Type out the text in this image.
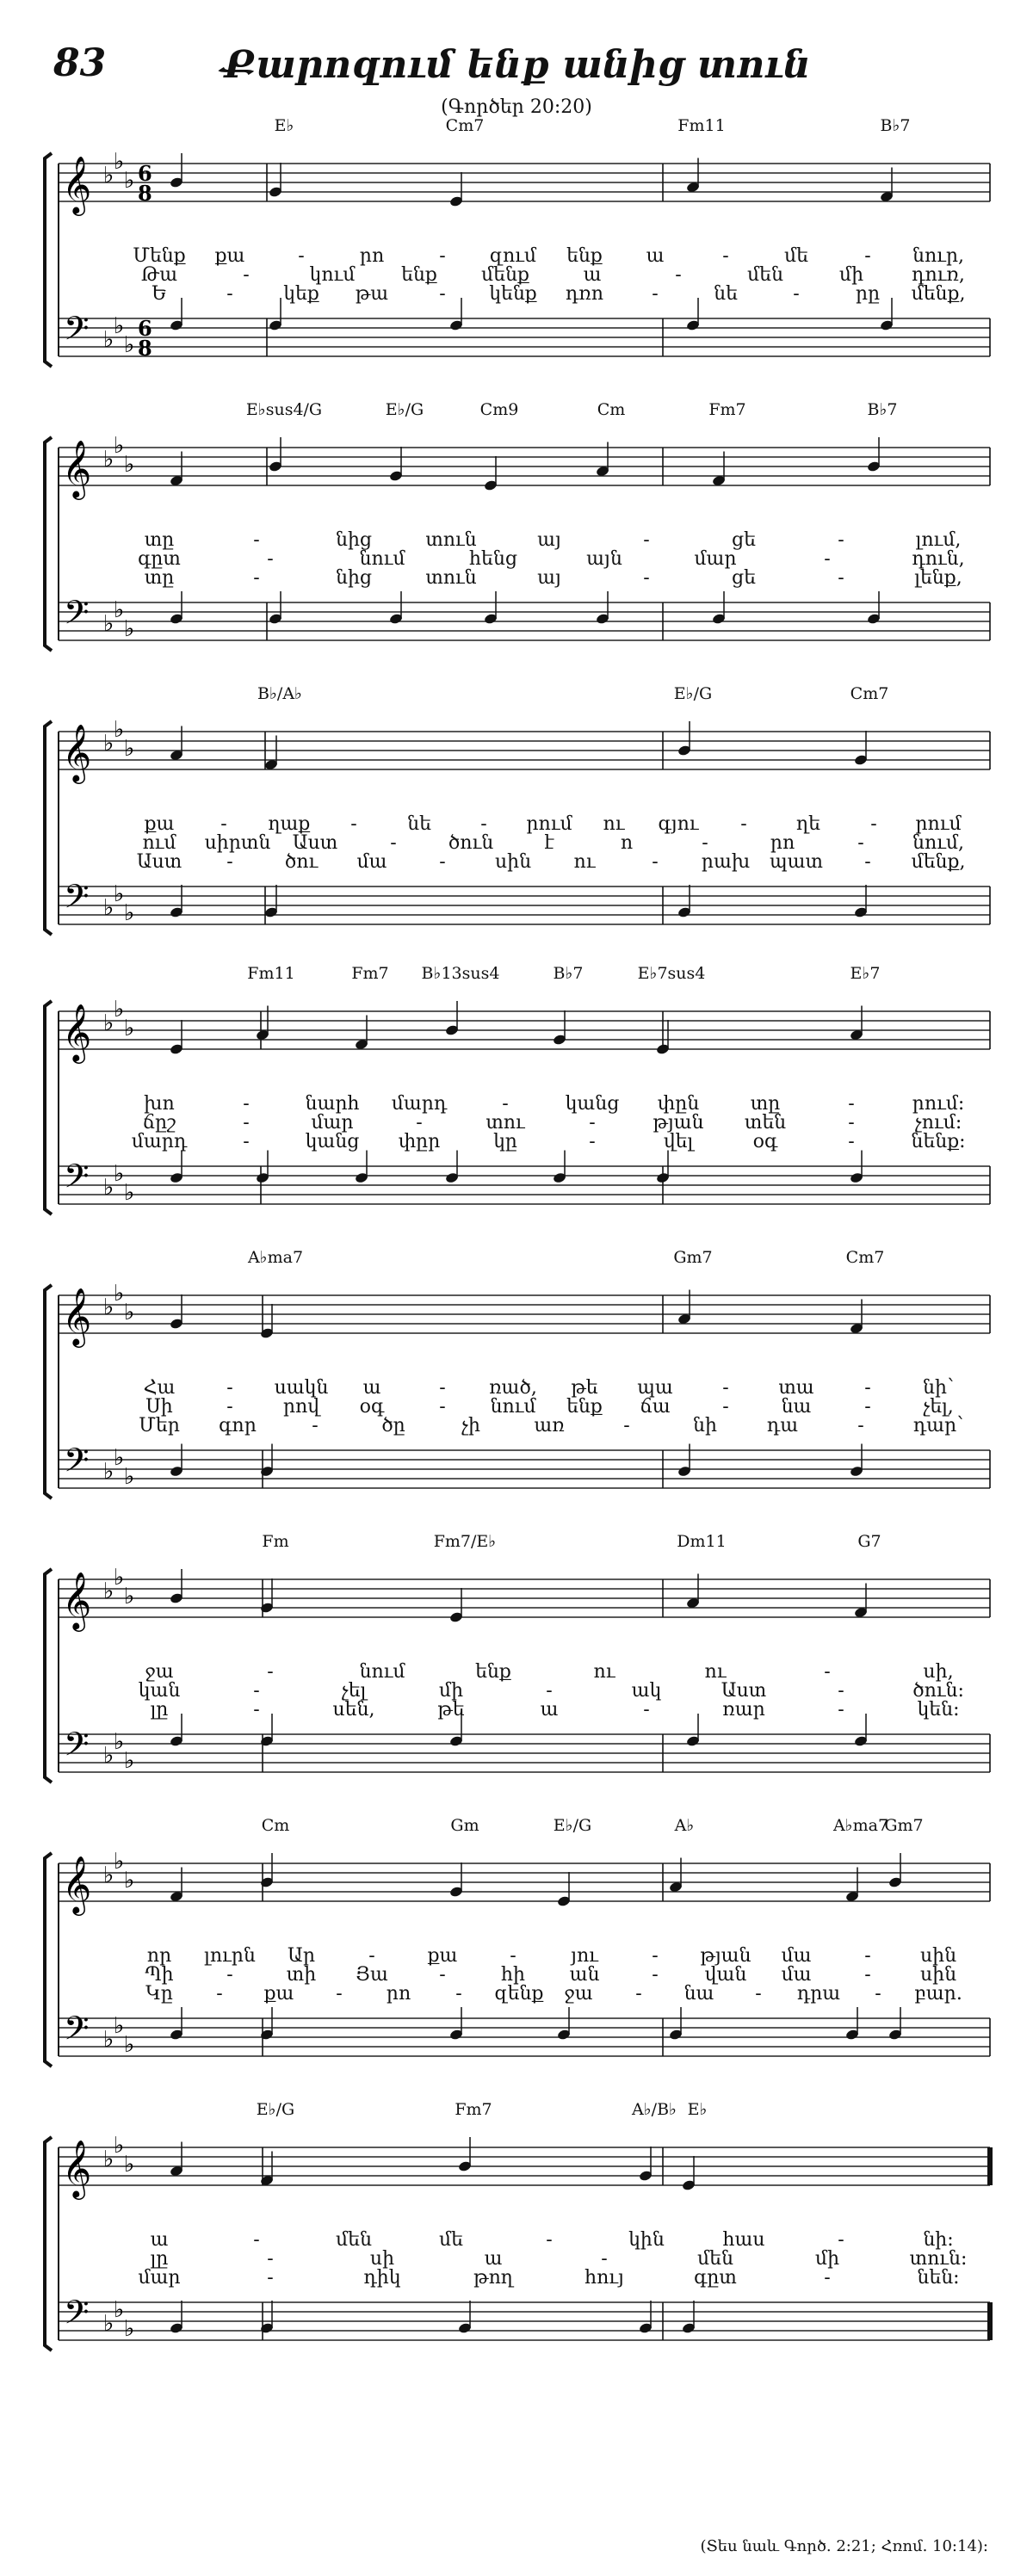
83	Քարոզում ենք անից տուն
(Գործեր 20:20)
𝄞
𝄢
♭
♭
♭
♭
♭
♭
6
8
6
8
E♭	Cm7	Fm11	B♭7
Մենք քա	-	րո	- զում ենք ա	-	մե	- նուր,
Թա	-	կում ենք մենք	ա	-	մեն	մի	դուռ,
Ե	-	կեք թա	- կենք դռո	-	նե	-	րը մենք,
𝄞
𝄢
♭
♭
♭
♭
♭
♭
E♭sus4/G	E♭/G	Cm9	Cm	Fm7	B♭7
տը	-	նից	տուն	այ	-	ցե	-	լում,
գըտ	-	նում	հենց	այն	մար	-	դուն,
տը	-	նից	տուն	այ	-	ցե	-	լենք,
𝄞
𝄢
♭
♭
♭
♭
♭
♭
B♭/A♭	E♭/G	Cm7
քա - ղաք -	նե	- րում ու գյու -	ղե	- րում
ում սիրտն Աստ	-	ծուն	է	ո	-	րո	-	նում,
Աստ -	ծու մա	-	սին ու	- րախ պատ - մենք,
𝄞
𝄢
♭
♭
♭
♭
♭
♭
Fm11	Fm7 B♭13sus4	B♭7	E♭7sus4	E♭7
խո	-	նարհ մարդ	-	կանց փըն	տը	-	րում:
ճըշ	-	մար	-	տու	-	թյան տեն	-	չում:
մարդ	-	կանց փըր	կը	-	վել	օգ	-	նենք:
𝄞
𝄢
♭
♭
♭
♭
♭
♭
A♭ma7	Gm7	Cm7
Հա	- սակն ա	- ռած, թե պա	-	տա	-	նի՝
Սի	-	րով օգ	- նում ենք ճա	-	նա	-	չել,
Մեր գոր	-	ծը	չի	առ	-	նի	դա	-	դար՝
𝄞
𝄢
♭
♭
♭
♭
♭
♭
Fm	Fm7/E♭	Dm11	G7
ջա	-	նում	ենք	ու	ու	-	սի,
կան	-	չել	մի	-	ակ	Աստ	-	ծուն:
լը	-	սեն,	թե	ա	-	ռար	-	կեն:
𝄞
𝄢
♭
♭
♭
♭
♭
♭
Cm	Gm	E♭/G	A♭	A♭ma7
Gm7
որ լուրն Ար	-	քա	-	յու	- թյան մա	-	սին
Պի	-	տի Յա	-	հի ան	- վան մա	-	սին
Կը - քա - րո - զենք ջա - նա - դրա - բար.
𝄞
𝄢
♭
♭
♭
♭
♭
♭
E♭/G	Fm7	A♭/B♭ E♭
ա	-	մեն	մե	-	կին	հաս	-	նի:
լը	-	սի	ա	-	մեն	մի	տուն:
մար	-	դիկ	թող	հույ	գըտ	-	նեն:
(Տես նաև Գործ. 2:21; Հռոմ. 10:14):
